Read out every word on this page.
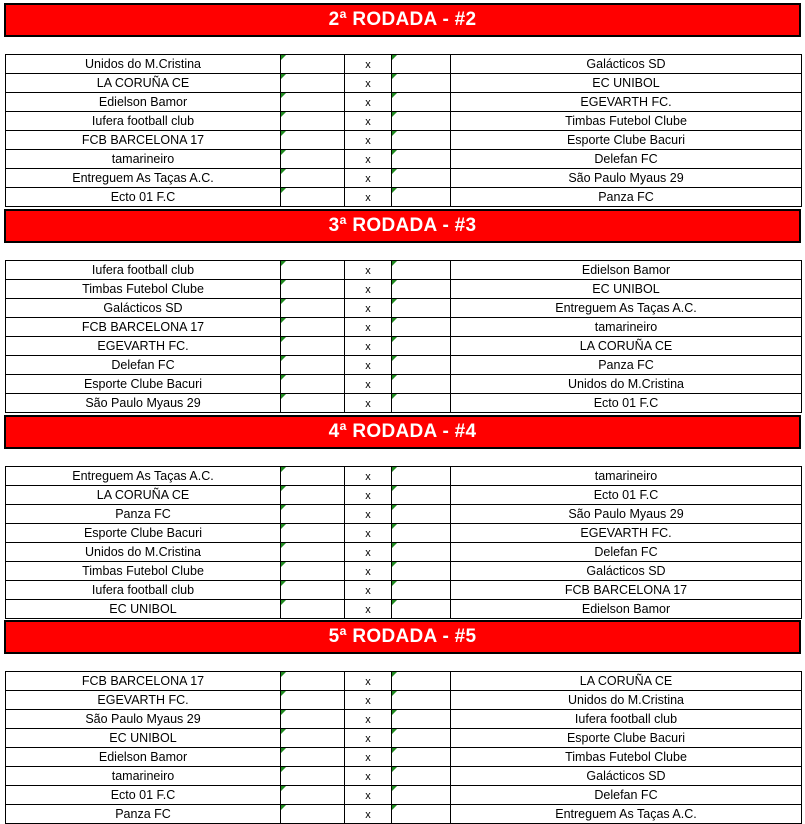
2ª RODADA - #2
Unidos do M.Cristina		x		Galácticos SD
LA CORUÑA CE		x		EC UNIBOL
Edielson Bamor		x		EGEVARTH FC.
Iufera football club		x		Timbas Futebol Clube
FCB BARCELONA 17		x		Esporte Clube Bacuri
tamarineiro		x		Delefan FC
Entreguem As Taças A.C.		x		São Paulo Myaus 29
Ecto 01 F.C		x		Panza FC
3ª RODADA - #3
Iufera football club		x		Edielson Bamor
Timbas Futebol Clube		x		EC UNIBOL
Galácticos SD		x		Entreguem As Taças A.C.
FCB BARCELONA 17		x		tamarineiro
EGEVARTH FC.		x		LA CORUÑA CE
Delefan FC		x		Panza FC
Esporte Clube Bacuri		x		Unidos do M.Cristina
São Paulo Myaus 29		x		Ecto 01 F.C
4ª RODADA - #4
Entreguem As Taças A.C.		x		tamarineiro
LA CORUÑA CE		x		Ecto 01 F.C
Panza FC		x		São Paulo Myaus 29
Esporte Clube Bacuri		x		EGEVARTH FC.
Unidos do M.Cristina		x		Delefan FC
Timbas Futebol Clube		x		Galácticos SD
Iufera football club		x		FCB BARCELONA 17
EC UNIBOL		x		Edielson Bamor
5ª RODADA - #5
FCB BARCELONA 17		x		LA CORUÑA CE
EGEVARTH FC.		x		Unidos do M.Cristina
São Paulo Myaus 29		x		Iufera football club
EC UNIBOL		x		Esporte Clube Bacuri
Edielson Bamor		x		Timbas Futebol Clube
tamarineiro		x		Galácticos SD
Ecto 01 F.C		x		Delefan FC
Panza FC		x		Entreguem As Taças A.C.
